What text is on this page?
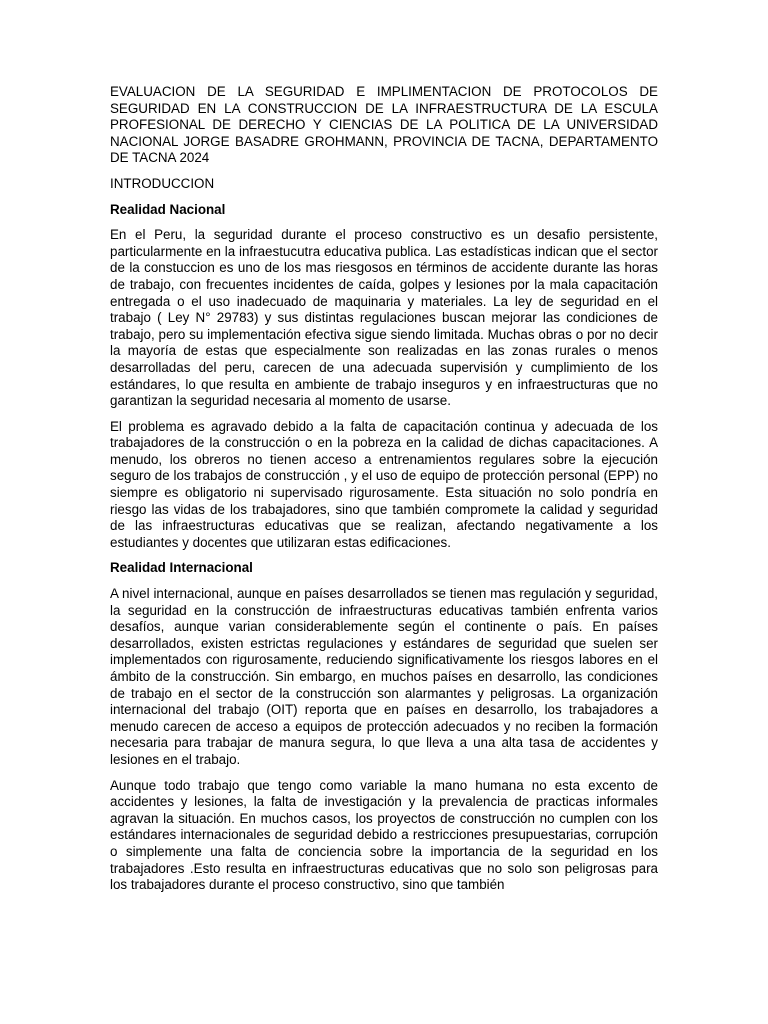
EVALUACION DE LA SEGURIDAD E IMPLIMENTACION DE PROTOCOLOS DE SEGURIDAD EN LA CONSTRUCCION DE LA INFRAESTRUCTURA DE LA ESCULA PROFESIONAL DE DERECHO Y CIENCIAS DE LA POLITICA DE LA UNIVERSIDAD NACIONAL JORGE BASADRE GROHMANN, PROVINCIA DE TACNA, DEPARTAMENTO DE TACNA 2024

INTRODUCCION

Realidad Nacional

En el Peru, la seguridad durante el proceso constructivo es un desafio persistente, particularmente en la infraestucutra educativa publica. Las estadísticas indican que el sector de la constuccion es uno de los mas riesgosos en términos de accidente durante las horas de trabajo, con frecuentes incidentes de caída, golpes y lesiones por la mala capacitación entregada o el uso inadecuado de maquinaria y materiales. La ley de seguridad en el trabajo ( Ley N° 29783) y sus distintas regulaciones buscan mejorar las condiciones de trabajo, pero su implementación efectiva sigue siendo limitada. Muchas obras o por no decir la mayoría de estas que especialmente son realizadas en las zonas rurales o menos desarrolladas del peru, carecen de una adecuada supervisión y cumplimiento de los estándares, lo que resulta en ambiente de trabajo inseguros y en infraestructuras que no garantizan la seguridad necesaria al momento de usarse.

El problema es agravado debido a la falta de capacitación continua y adecuada de los trabajadores de la construcción o en la pobreza en la calidad de dichas capacitaciones. A menudo, los obreros no tienen acceso a entrenamientos regulares sobre la ejecución seguro de los trabajos de construcción , y el uso de equipo de protección personal (EPP) no siempre es obligatorio ni supervisado rigurosamente. Esta situación no solo pondría en riesgo las vidas de los trabajadores, sino que también compromete la calidad y seguridad de las infraestructuras educativas que se realizan, afectando negativamente a los estudiantes y docentes que utilizaran estas edificaciones.

Realidad Internacional

A nivel internacional, aunque en países desarrollados se tienen mas regulación y seguridad, la seguridad en la construcción de infraestructuras educativas también enfrenta varios desafíos, aunque varian considerablemente según el continente o país. En países desarrollados, existen estrictas regulaciones y estándares de seguridad que suelen ser implementados con rigurosamente, reduciendo significativamente los riesgos labores en el ámbito de la construcción. Sin embargo, en muchos países en desarrollo, las condiciones de trabajo en el sector de la construcción son alarmantes y peligrosas. La organización internacional del trabajo (OIT) reporta que en países en desarrollo, los trabajadores a menudo carecen de acceso a equipos de protección adecuados y no reciben la formación necesaria para trabajar de manura segura, lo que lleva a una alta tasa de accidentes y lesiones en el trabajo.

Aunque todo trabajo que tengo como variable la mano humana no esta excento de accidentes y lesiones, la falta de investigación y la prevalencia de practicas informales agravan la situación. En muchos casos, los proyectos de construcción no cumplen con los estándares internacionales de seguridad debido a restricciones presupuestarias, corrupción o simplemente una falta de conciencia sobre la importancia de la seguridad en los trabajadores .Esto resulta en infraestructuras educativas que no solo son peligrosas para los trabajadores durante el proceso constructivo, sino que también
